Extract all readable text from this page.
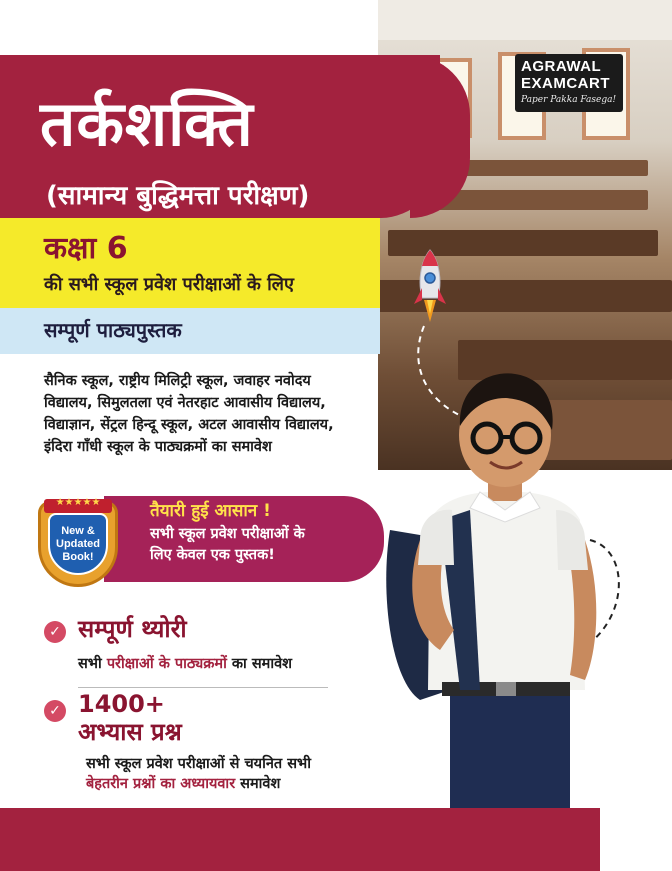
AGRAWAL
EXAMCART
Paper Pakka Fasega!
तर्कशक्ति
(सामान्य बुद्धिमत्ता परीक्षण)
कक्षा 6
की सभी स्कूल प्रवेश परीक्षाओं के लिए
सम्पूर्ण पाठ्यपुस्तक
सैनिक स्कूल, राष्ट्रीय मिलिट्री स्कूल, जवाहर नवोदय
विद्यालय, सिमुलतला एवं नेतरहाट आवासीय विद्यालय,
विद्याज्ञान, सेंट्रल हिन्दू स्कूल, अटल आवासीय विद्यालय,
इंदिरा गाँधी स्कूल के पाठ्यक्रमों का समावेश
तैयारी हुई आसान !
सभी स्कूल प्रवेश परीक्षाओं के
लिए केवल एक पुस्तक!
★★★★★
New &
Updated
Book!
✓
सम्पूर्ण थ्योरी
सभी परीक्षाओं के पाठ्यक्रमों का समावेश
✓
1400+
अभ्यास प्रश्न
सभी स्कूल प्रवेश परीक्षाओं से चयनित सभी
बेहतरीन प्रश्नों का अध्यायवार समावेश
